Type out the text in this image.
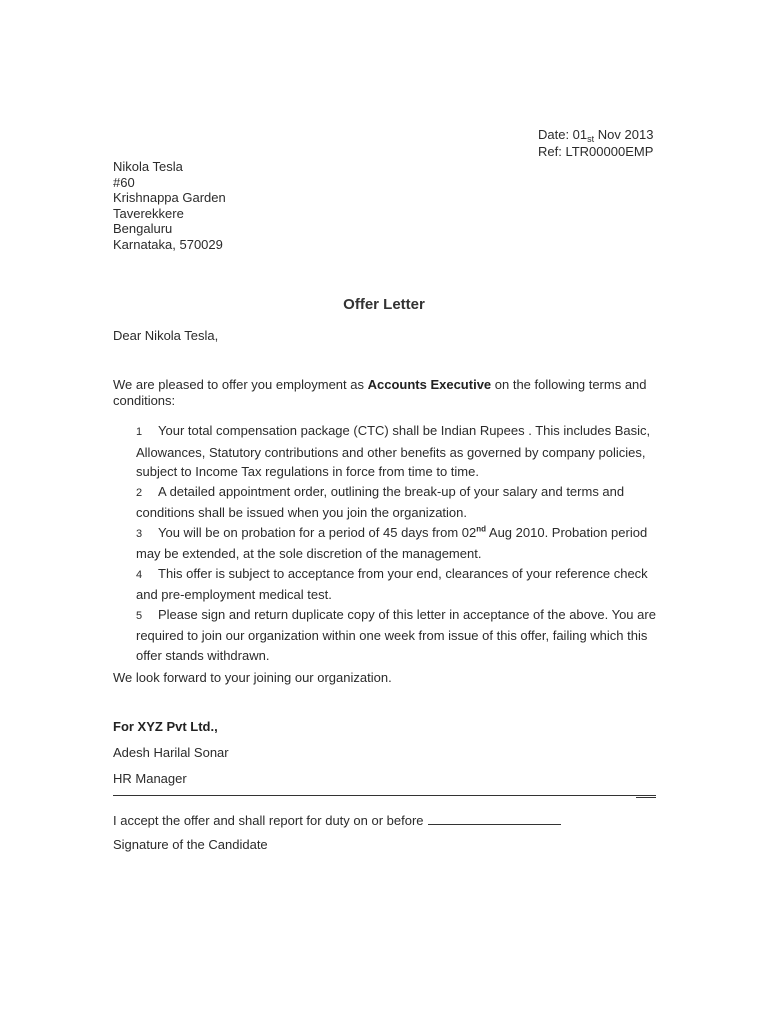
Date: 01st Nov 2013
Ref: LTR00000EMP
Nikola Tesla
#60
Krishnappa Garden
Taverekkere
Bengaluru
Karnataka, 570029
Offer Letter
Dear Nikola Tesla,
We are pleased to offer you employment as Accounts Executive on the following terms and conditions:
1 Your total compensation package (CTC) shall be Indian Rupees . This includes Basic, Allowances, Statutory contributions and other benefits as governed by company policies, subject to Income Tax regulations in force from time to time.
2 A detailed appointment order, outlining the break-up of your salary and terms and conditions shall be issued when you join the organization.
3 You will be on probation for a period of 45 days from 02nd Aug 2010. Probation period may be extended, at the sole discretion of the management.
4 This offer is subject to acceptance from your end, clearances of your reference check and pre-employment medical test.
5 Please sign and return duplicate copy of this letter in acceptance of the above. You are required to join our organization within one week from issue of this offer, failing which this offer stands withdrawn.
We look forward to your joining our organization.
For XYZ Pvt Ltd.,
Adesh Harilal Sonar
HR Manager
I accept the offer and shall report for duty on or before
Signature of the Candidate
